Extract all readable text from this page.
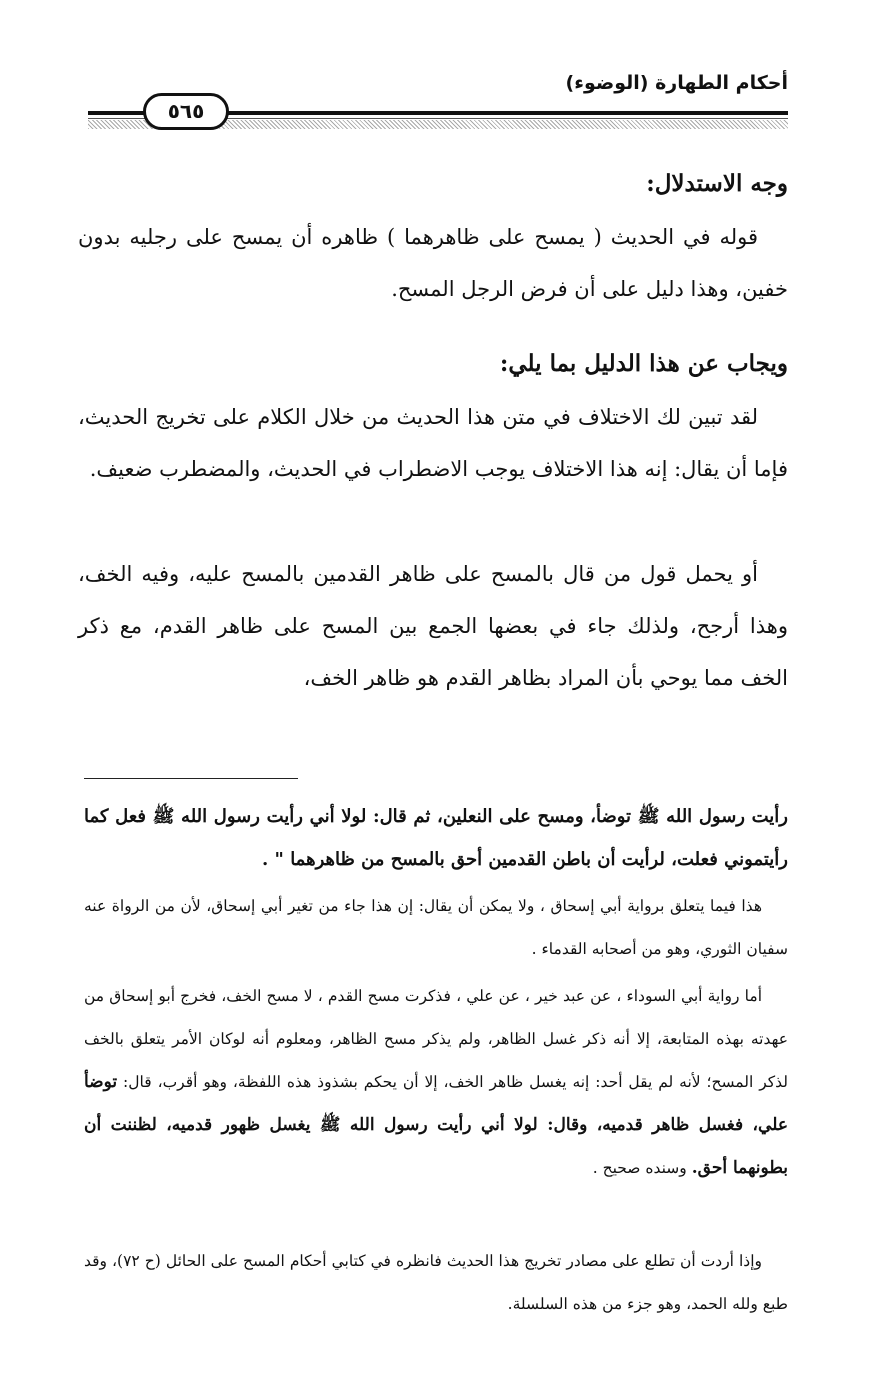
أحكام الطهارة (الوضوء)
٥٦٥
وجه الاستدلال:
قوله في الحديث ( يمسح على ظاهرهما ) ظاهره أن يمسح على رجليه بدون خفين، وهذا دليل على أن فرض الرجل المسح.
ويجاب عن هذا الدليل بما يلي:
لقد تبين لك الاختلاف في متن هذا الحديث من خلال الكلام على تخريج الحديث، فإما أن يقال: إنه هذا الاختلاف يوجب الاضطراب في الحديث، والمضطرب ضعيف.
أو يحمل قول من قال بالمسح على ظاهر القدمين بالمسح عليه، وفيه الخف، وهذا أرجح، ولذلك جاء في بعضها الجمع بين المسح على ظاهر القدم، مع ذكر الخف مما يوحي بأن المراد بظاهر القدم هو ظاهر الخف،
رأيت رسول الله ﷺ توضأ، ومسح على النعلين، ثم قال: لولا أني رأيت رسول الله ﷺ فعل كما رأيتموني فعلت، لرأيت أن باطن القدمين أحق بالمسح من ظاهرهما " .
هذا فيما يتعلق برواية أبي إسحاق ، ولا يمكن أن يقال: إن هذا جاء من تغير أبي إسحاق، لأن من الرواة عنه سفيان الثوري، وهو من أصحابه القدماء .
أما رواية أبي السوداء ، عن عبد خير ، عن علي ، فذكرت مسح القدم ، لا مسح الخف، فخرج أبو إسحاق من عهدته بهذه المتابعة، إلا أنه ذكر غسل الظاهر، ولم يذكر مسح الظاهر، ومعلوم أنه لوكان الأمر يتعلق بالخف لذكر المسح؛ لأنه لم يقل أحد: إنه يغسل ظاهر الخف، إلا أن يحكم بشذوذ هذه اللفظة، وهو أقرب، قال: توضأ علي، فغسل ظاهر قدميه، وقال: لولا أني رأيت رسول الله ﷺ يغسل ظهور قدميه، لظننت أن بطونهما أحق. وسنده صحيح .
وإذا أردت أن تطلع على مصادر تخريج هذا الحديث فانظره في كتابي أحكام المسح على الحائل (ح ٧٢)، وقد طبع ولله الحمد، وهو جزء من هذه السلسلة.
